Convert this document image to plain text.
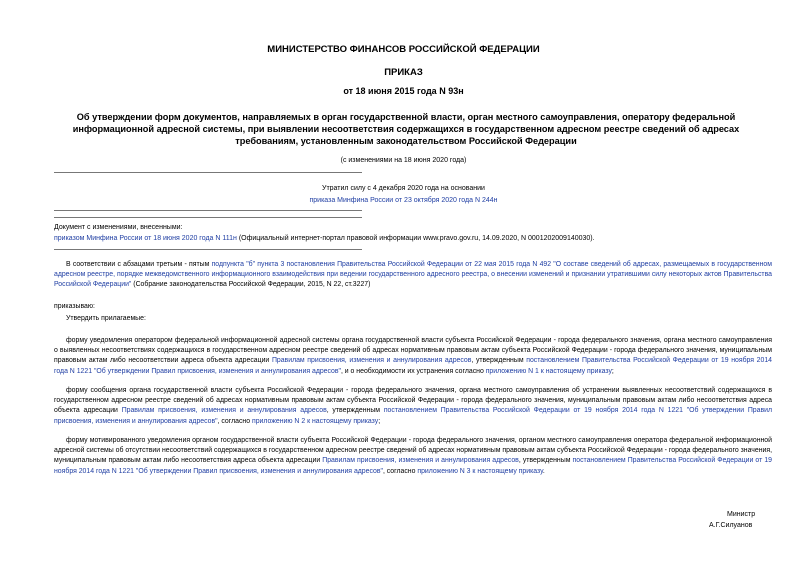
МИНИСТЕРСТВО ФИНАНСОВ РОССИЙСКОЙ ФЕДЕРАЦИИ
ПРИКАЗ
от 18 июня 2015 года N 93н
Об утверждении форм документов, направляемых в орган государственной власти, орган местного самоуправления, оператору федеральной информационной адресной системы, при выявлении несоответствия содержащихся в государственном адресном реестре сведений об адресах требованиям, установленным законодательством Российской Федерации
(с изменениями на 18 июня 2020 года)
Утратил силу с 4 декабря 2020 года на основании
приказа Минфина России от 23 октября 2020 года N 244н
Документ с изменениями, внесенными:
приказом Минфина России от 18 июня 2020 года N 111н (Официальный интернет-портал правовой информации www.pravo.gov.ru, 14.09.2020, N 0001202009140030).
В соответствии с абзацами третьим - пятым подпункта "б" пункта 3 постановления Правительства Российской Федерации от 22 мая 2015 года N 492 "О составе сведений об адресах, размещаемых в государственном адресном реестре, порядке межведомственного информационного взаимодействия при ведении государственного адресного реестра, о внесении изменений и признании утратившими силу некоторых актов Правительства Российской Федерации" (Собрание законодательства Российской Федерации, 2015, N 22, ст.3227)
приказываю:
Утвердить прилагаемые:
форму уведомления оператором федеральной информационной адресной системы органа государственной власти субъекта Российской Федерации - города федерального значения, органа местного самоуправления о выявленных несоответствиях содержащихся в государственном адресном реестре сведений об адресах нормативным правовым актам субъекта Российской Федерации - города федерального значения, муниципальным правовым актам либо несоответствии адреса объекта адресации Правилам присвоения, изменения и аннулирования адресов, утвержденным постановлением Правительства Российской Федерации от 19 ноября 2014 года N 1221 "Об утверждении Правил присвоения, изменения и аннулирования адресов", и о необходимости их устранения согласно приложению N 1 к настоящему приказу;
форму сообщения органа государственной власти субъекта Российской Федерации - города федерального значения, органа местного самоуправления об устранении выявленных несоответствий содержащихся в государственном адресном реестре сведений об адресах нормативным правовым актам субъекта Российской Федерации - города федерального значения, муниципальным правовым актам либо несоответствия адреса объекта адресации Правилам присвоения, изменения и аннулирования адресов, утвержденным постановлением Правительства Российской Федерации от 19 ноября 2014 года N 1221 "Об утверждении Правил присвоения, изменения и аннулирования адресов", согласно приложению N 2 к настоящему приказу;
форму мотивированного уведомления органом государственной власти субъекта Российской Федерации - города федерального значения, органом местного самоуправления оператора федеральной информационной адресной системы об отсутствии несоответствий содержащихся в государственном адресном реестре сведений об адресах нормативным правовым актам субъекта Российской Федерации - города федерального значения, муниципальным правовым актам либо несоответствия адреса объекта адресации Правилам присвоения, изменения и аннулирования адресов, утвержденным постановлением Правительства Российской Федерации от 19 ноября 2014 года N 1221 "Об утверждении Правил присвоения, изменения и аннулирования адресов", согласно приложению N 3 к настоящему приказу.
Министр
А.Г.Силуанов
